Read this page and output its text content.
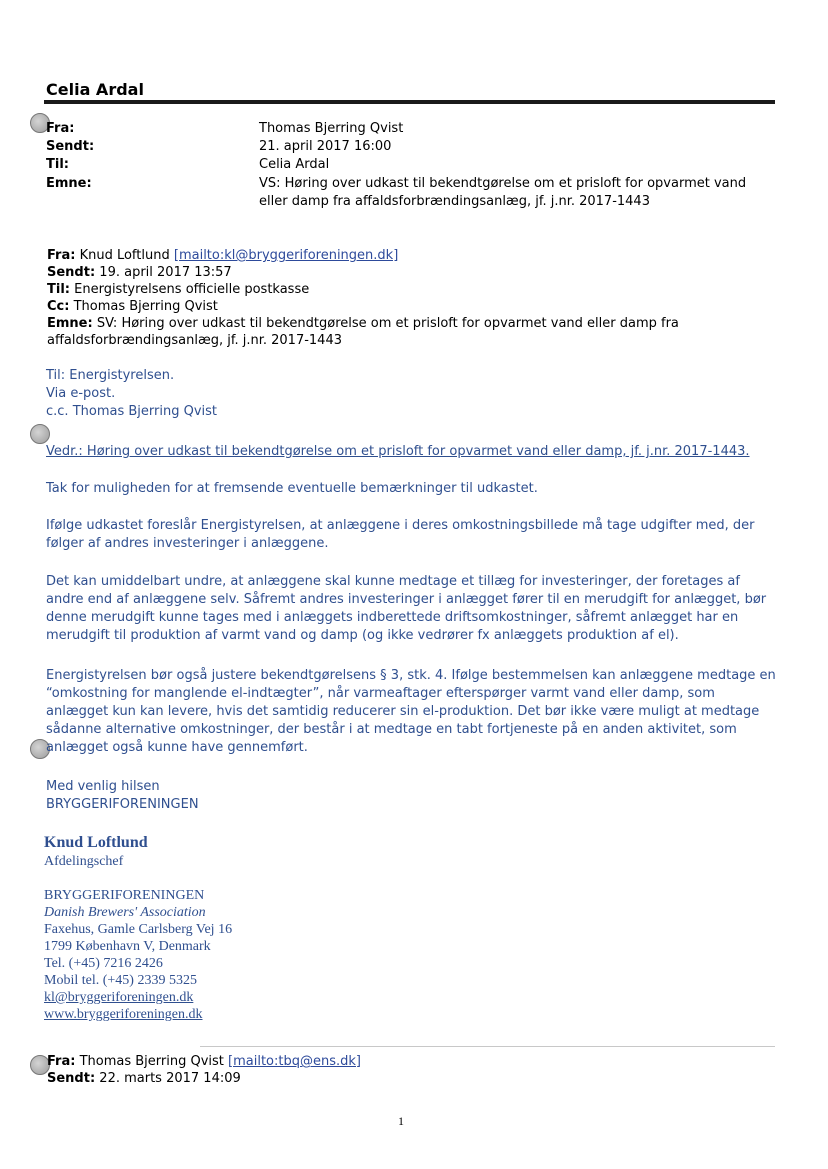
Celia Ardal
Fra:	Thomas Bjerring Qvist
Sendt:	21. april 2017 16:00
Til:	Celia Ardal
Emne:	VS: Høring over udkast til bekendtgørelse om et prisloft for opvarmet vand eller damp fra affaldsforbrændingsanlæg, jf. j.nr. 2017-1443
Fra: Knud Loftlund [mailto:kl@bryggeriforeningen.dk]
Sendt: 19. april 2017 13:57
Til: Energistyrelsens officielle postkasse
Cc: Thomas Bjerring Qvist
Emne: SV: Høring over udkast til bekendtgørelse om et prisloft for opvarmet vand eller damp fra affaldsforbrændingsanlæg, jf. j.nr. 2017-1443
Til: Energistyrelsen.
Via e-post.
c.c. Thomas Bjerring Qvist
Vedr.: Høring over udkast til bekendtgørelse om et prisloft for opvarmet vand eller damp, jf. j.nr. 2017-1443.
Tak for muligheden for at fremsende eventuelle bemærkninger til udkastet.
Ifølge udkastet foreslår Energistyrelsen, at anlæggene i deres omkostningsbillede må tage udgifter med, der følger af andres investeringer i anlæggene.
Det kan umiddelbart undre, at anlæggene skal kunne medtage et tillæg for investeringer, der foretages af andre end af anlæggene selv. Såfremt andres investeringer i anlægget fører til en merudgift for anlægget, bør denne merudgift kunne tages med i anlæggets indberettede driftsomkostninger, såfremt anlægget har en merudgift til produktion af varmt vand og damp (og ikke vedrører fx anlæggets produktion af el).
Energistyrelsen bør også justere bekendtgørelsens § 3, stk. 4. Ifølge bestemmelsen kan anlæggene medtage en “omkostning for manglende el-indtægter”, når varmeaftager efterspørger varmt vand eller damp, som anlægget kun kan levere, hvis det samtidig reducerer sin el-produktion. Det bør ikke være muligt at medtage sådanne alternative omkostninger, der består i at medtage en tabt fortjeneste på en anden aktivitet, som anlægget også kunne have gennemført.
Med venlig hilsen
BRYGGERIFORENINGEN
Knud Loftlund
Afdelingschef
BRYGGERIFORENINGEN
Danish Brewers' Association
Faxehus, Gamle Carlsberg Vej 16
1799 København V, Denmark
Tel. (+45) 7216 2426
Mobil tel. (+45) 2339 5325
kl@bryggeriforeningen.dk
www.bryggeriforeningen.dk
Fra: Thomas Bjerring Qvist [mailto:tbq@ens.dk]
Sendt: 22. marts 2017 14:09
1
